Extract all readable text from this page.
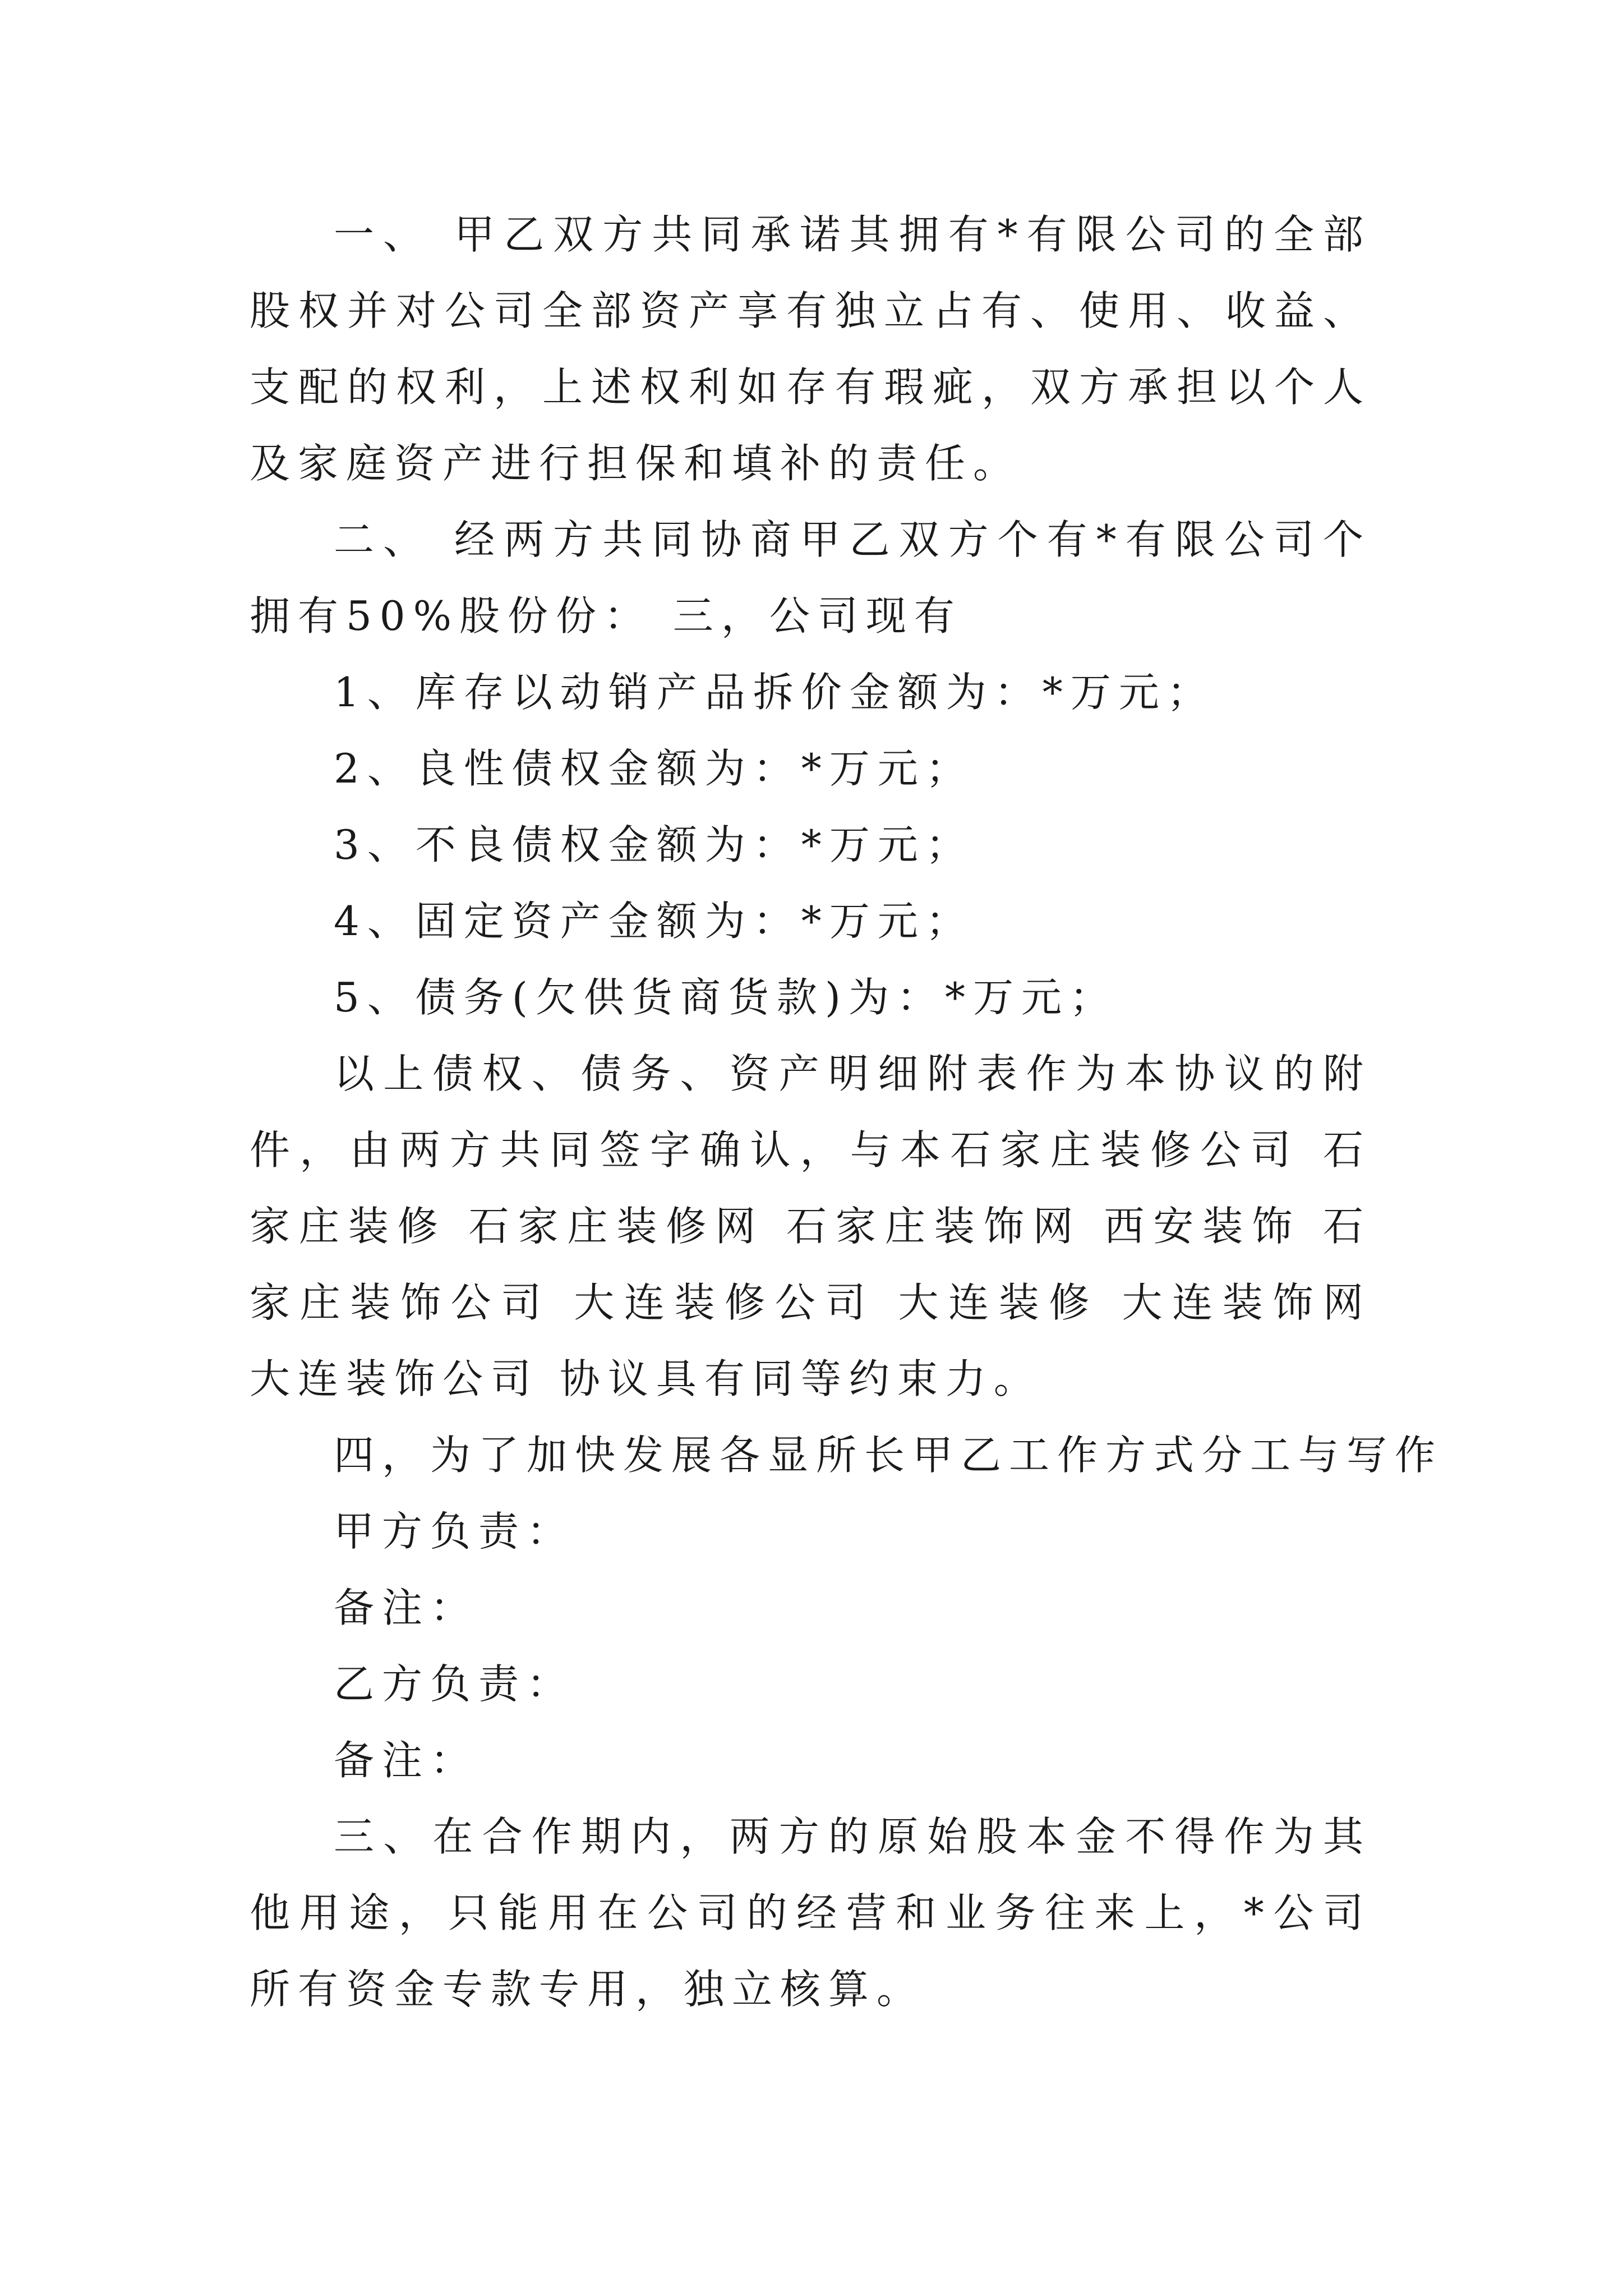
一、 甲乙双方共同承诺其拥有*有限公司的全部股权并对公司全部资产享有独立占有、使用、收益、支配的权利，上述权利如存有瑕疵，双方承担以个人及家庭资产进行担保和填补的责任。

二、 经两方共同协商甲乙双方个有*有限公司个拥有50%股份份： 三，公司现有

1、库存以动销产品拆价金额为：*万元；

2、良性债权金额为：*万元；

3、不良债权金额为：*万元；

4、固定资产金额为：*万元；

5、债务(欠供货商货款)为：*万元；

以上债权、债务、资产明细附表作为本协议的附件，由两方共同签字确认，与本石家庄装修公司 石家庄装修 石家庄装修网 石家庄装饰网 西安装饰 石家庄装饰公司 大连装修公司 大连装修 大连装饰网 大连装饰公司 协议具有同等约束力。

四，为了加快发展各显所长甲乙工作方式分工与写作

甲方负责：

备注：

乙方负责：

备注：

三、在合作期内，两方的原始股本金不得作为其他用途，只能用在公司的经营和业务往来上，*公司所有资金专款专用，独立核算。
